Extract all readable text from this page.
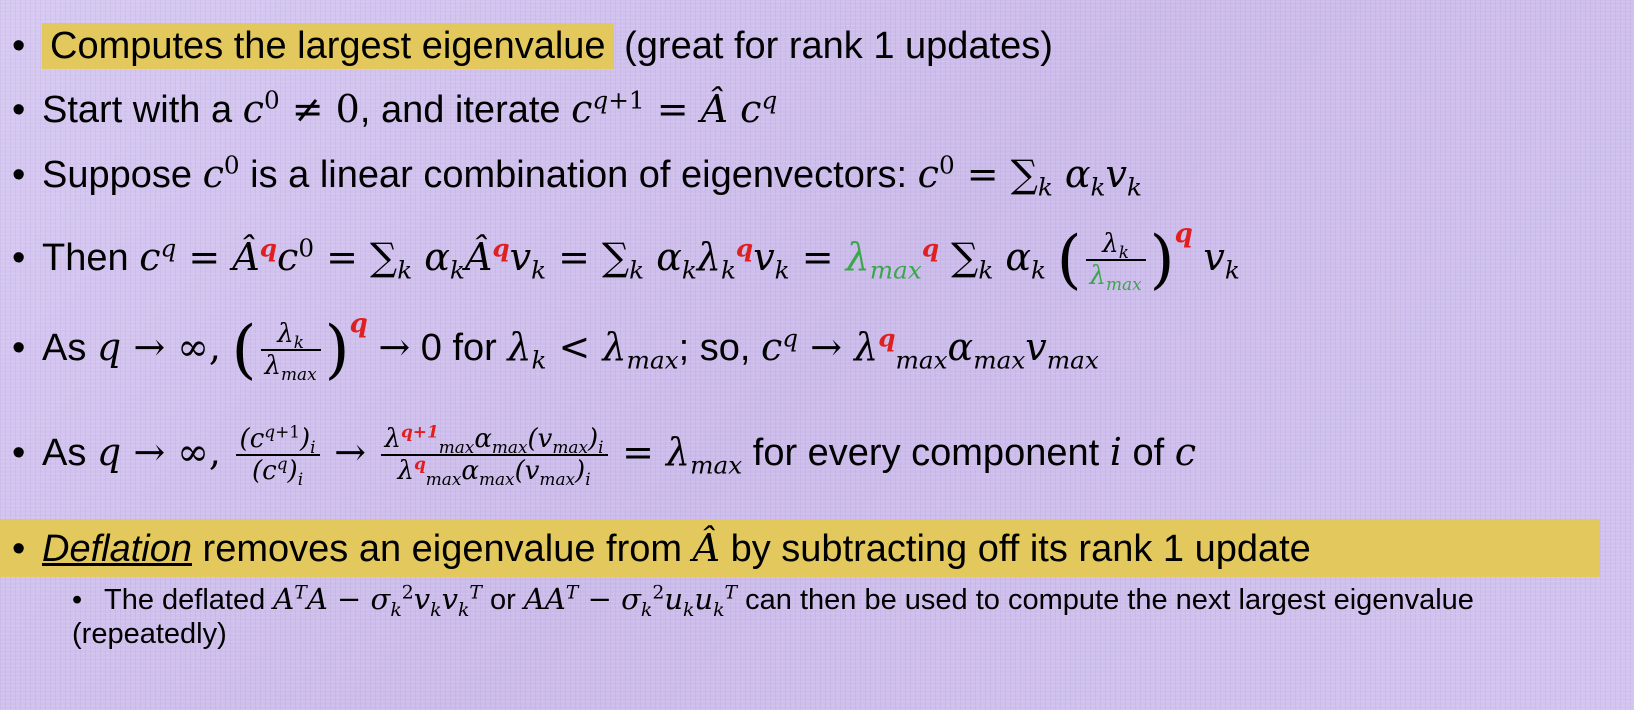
• Computes the largest eigenvalue (great for rank 1 updates)
• Start with a $c^0 \ne 0$, and iterate $c^{q+1}$ = Â $c^q$
• Suppose $c^0$ is a linear combination of eigenvectors: $c^0 = \sum_k$ $\alpha_kv_k$
• Then $c^q$ = $Â^qc^0 = \sum_k$ $\alpha_kÂ^qv_k = \sum_k$ $\alpha_k\lambda_k^qv_k = \lambda_{max}^q$ $\sum_k$ $\alpha_k$ ( $\frac{\lambda_k}{\lambda_{max}} )^q$ $v_k$
• As q → ∞, ( $\frac{\lambda_k}{\lambda_{max}} )^q \to 0$ for $\lambda_k < \lambda_{max}$; so, $c^q \to \lambda^q_{max}\alpha_{max}v_{max}$
• As q → ∞, $\frac{(c^{q+1})_i}{(c^q)_i} \to \frac{\lambda^{q+1}_{max}\alpha_{max}(v_{max})_i}{\lambda^q_{max}\alpha_{max}(v_{max})_i} = \lambda_{max}$ for every component i of c
• Deflation removes an eigenvalue from Â by subtracting off its rank 1 update
• The deflated $A^TA - \sigma_k^2v_kv_k^T$ or $AA^T - \sigma_k^2u_ku_k^T$ can then be used to compute the next largest eigenvalue (repeatedly)
